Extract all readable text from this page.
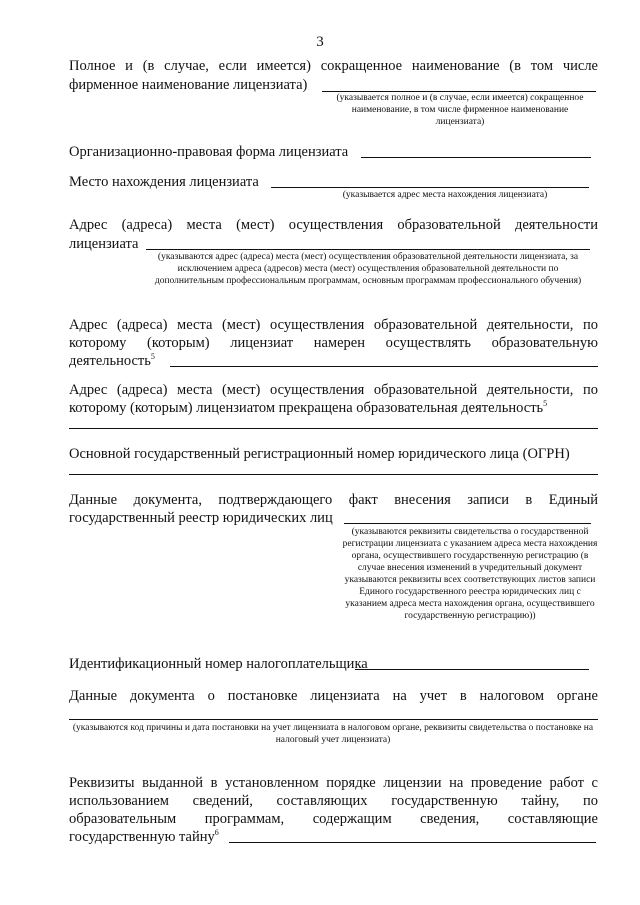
3
Полное и (в случае, если имеется) сокращенное наименование (в том числе
фирменное наименование лицензиата)
(указывается полное и (в случае, если имеется) сокращенное наименование, в том числе фирменное наименование лицензиата)
Организационно-правовая форма лицензиата
Место нахождения лицензиата
(указывается адрес места нахождения лицензиата)
Адрес (адреса) места (мест) осуществления образовательной деятельности
лицензиата
(указываются адрес (адреса) места (мест) осуществления образовательной деятельности лицензиата, за исключением адреса (адресов) места (мест) осуществления образовательной деятельности по дополнительным профессиональным программам, основным программам профессионального обучения)
Адрес (адреса) места (мест) осуществления образовательной деятельности, по
которому (которым) лицензиат намерен осуществлять образовательную
деятельность$^5$
Адрес (адреса) места (мест) осуществления образовательной деятельности, по
которому (которым) лицензиатом прекращена образовательная деятельность$^5$
Основной государственный регистрационный номер юридического лица (ОГРН)
Данные документа, подтверждающего факт внесения записи в Единый
государственный реестр юридических лиц
(указываются реквизиты свидетельства о государственной регистрации лицензиата с указанием адреса места нахождения органа, осуществившего государственную регистрацию (в случае внесения изменений в учредительный документ указываются реквизиты всех соответствующих листов записи Единого государственного реестра юридических лиц с указанием адреса места нахождения органа, осуществившего государственную регистрацию))
Идентификационный номер налогоплательщика
Данные документа о постановке лицензиата на учет в налоговом органе
(указываются код причины и дата постановки на учет лицензиата в налоговом органе, реквизиты свидетельства о постановке на налоговый учет лицензиата)
Реквизиты выданной в установленном порядке лицензии на проведение работ с
использованием сведений, составляющих государственную тайну, по
образовательным программам, содержащим сведения, составляющие
государственную тайну$^6$
